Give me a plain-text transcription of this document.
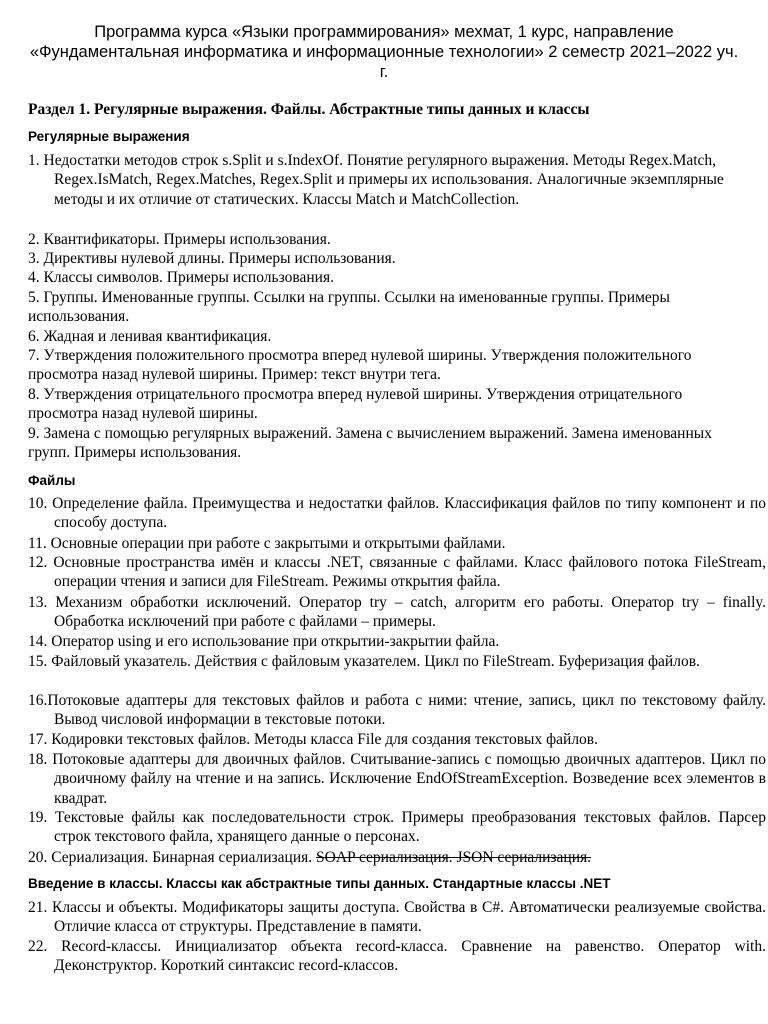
Программа курса «Языки программирования» мехмат, 1 курс, направление «Фундаментальная информатика и информационные технологии» 2 семестр 2021–2022 уч. г.
Раздел 1. Регулярные выражения. Файлы. Абстрактные типы данных и классы
Регулярные выражения
1. Недостатки методов строк s.Split и s.IndexOf. Понятие регулярного выражения. Методы Regex.Match, Regex.IsMatch, Regex.Matches, Regex.Split и примеры их использования. Аналогичные экземплярные методы и их отличие от статических. Классы Match и MatchCollection.
2. Квантификаторы. Примеры использования.
3. Директивы нулевой длины. Примеры использования.
4. Классы символов. Примеры использования.
5. Группы. Именованные группы. Ссылки на группы. Ссылки на именованные группы. Примеры использования.
6. Жадная и ленивая квантификация.
7. Утверждения положительного просмотра вперед нулевой ширины. Утверждения положительного просмотра назад нулевой ширины. Пример: текст внутри тега.
8. Утверждения отрицательного просмотра вперед нулевой ширины. Утверждения отрицательного просмотра назад нулевой ширины.
9. Замена с помощью регулярных выражений. Замена с вычислением выражений. Замена именованных групп. Примеры использования.
Файлы
10. Определение файла. Преимущества и недостатки файлов. Классификация файлов по типу компонент и по способу доступа.
11. Основные операции при работе с закрытыми и открытыми файлами.
12. Основные пространства имён и классы .NET, связанные с файлами. Класс файлового потока FileStream, операции чтения и записи для FileStream. Режимы открытия файла.
13. Механизм обработки исключений. Оператор try – catch, алгоритм его работы. Оператор try – finally. Обработка исключений при работе с файлами – примеры.
14. Оператор using и его использование при открытии-закрытии файла.
15. Файловый указатель. Действия с файловым указателем. Цикл по FileStream. Буферизация файлов.
16.Потоковые адаптеры для текстовых файлов и работа с ними: чтение, запись, цикл по текстовому файлу. Вывод числовой информации в текстовые потоки.
17. Кодировки текстовых файлов. Методы класса File для создания текстовых файлов.
18. Потоковые адаптеры для двоичных файлов. Считывание-запись с помощью двоичных адаптеров. Цикл по двоичному файлу на чтение и на запись. Исключение EndOfStreamException. Возведение всех элементов в квадрат.
19. Текстовые файлы как последовательности строк. Примеры преобразования текстовых файлов. Парсер строк текстового файла, хранящего данные о персонах.
20. Сериализация. Бинарная сериализация. SOAP сериализация. JSON сериализация.
Введение в классы. Классы как абстрактные типы данных. Стандартные классы .NET
21. Классы и объекты. Модификаторы защиты доступа. Свойства в C#. Автоматически реализуемые свойства. Отличие класса от структуры. Представление в памяти.
22. Record-классы. Инициализатор объекта record-класса. Сравнение на равенство. Оператор with. Деконструктор. Короткий синтаксис record-классов.
